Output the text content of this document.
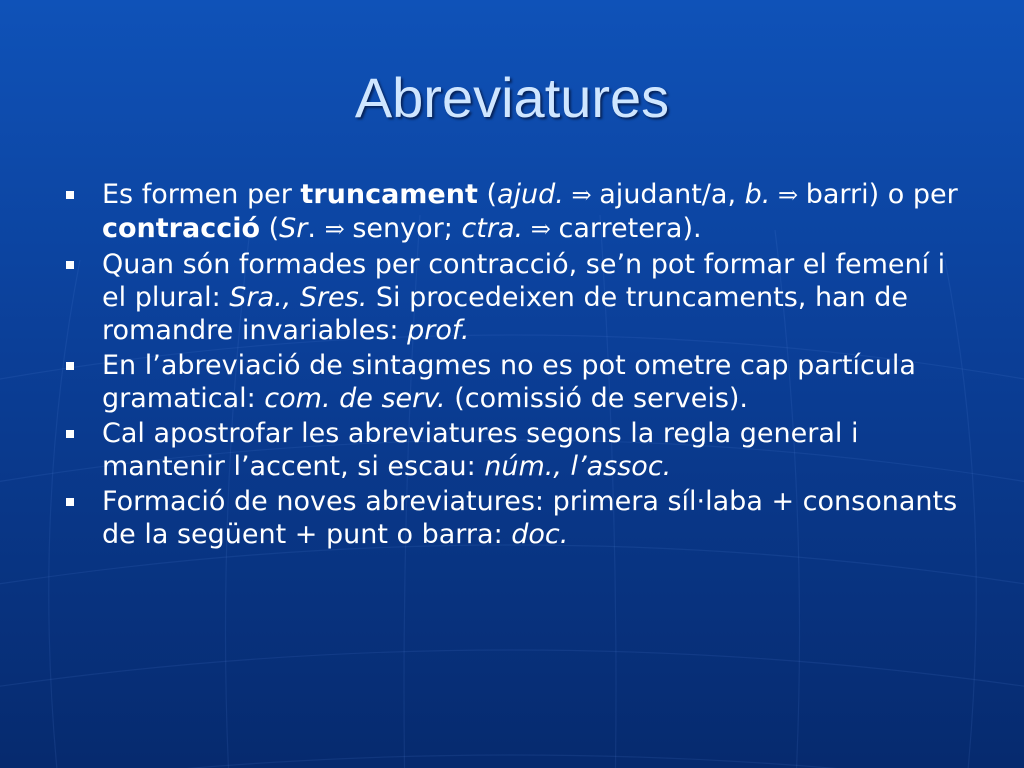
Abreviatures
Es formen per truncament (ajud. ⇒ ajudant/a, b. ⇒ barri) o per contracció (Sr. ⇒ senyor; ctra. ⇒ carretera).
Quan són formades per contracció, se’n pot formar el femení i el plural: Sra., Sres. Si procedeixen de truncaments, han de romandre invariables: prof.
En l’abreviació de sintagmes no es pot ometre cap partícula gramatical: com. de serv. (comissió de serveis).
Cal apostrofar les abreviatures segons la regla general i mantenir l’accent, si escau: núm., l’assoc.
Formació de noves abreviatures: primera síl·laba + consonants de la següent + punt o barra: doc.
